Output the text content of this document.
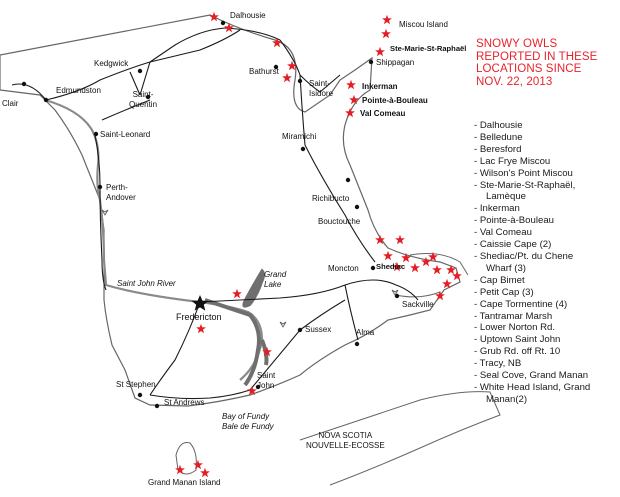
Dalhousie
Miscou Island
Kedgwick
Bathurst
Ste-Marie-St-Raphaël
Shippagan
Edmundston
Clair
Saint-
Quentin
Saint-
Isidore
Inkerman
Pointe-à-Bouleau
Val Comeau
Saint-Leonard	Miramichi
Perth-
Andover	Richibucto
Bouctouche
Grand
Lake
Moncton Shediac
Saint John River
Fredericton
Sackville
Sussex	Alma
Saint
John
St Stephen
St Andrews
Bay of Fundy
Bale de Fundy
NOVA SCOTIA
NOUVELLE-ECOSSE
Grand Manan Island
SNOWY OWLS
REPORTED IN THESE
LOCATIONS SINCE
NOV. 22, 2013
- Dalhousie
- Belledune
- Beresford
- Lac Frye Miscou
- Wilson's Point Miscou
- Ste-Marie-St-Raphaël,
Lamèque
- Inkerman
- Pointe-à-Bouleau
- Val Comeau
- Caissie Cape (2)
- Shediac/Pt. du Chene
Wharf (3)
- Cap Bimet
- Petit Cap (3)
- Cape Tormentine (4)
- Tantramar Marsh
- Lower Norton Rd.
- Uptown Saint John
- Grub Rd. off Rt. 10
- Tracy, NB
- Seal Cove, Grand Manan
- White Head Island, Grand
Manan(2)
